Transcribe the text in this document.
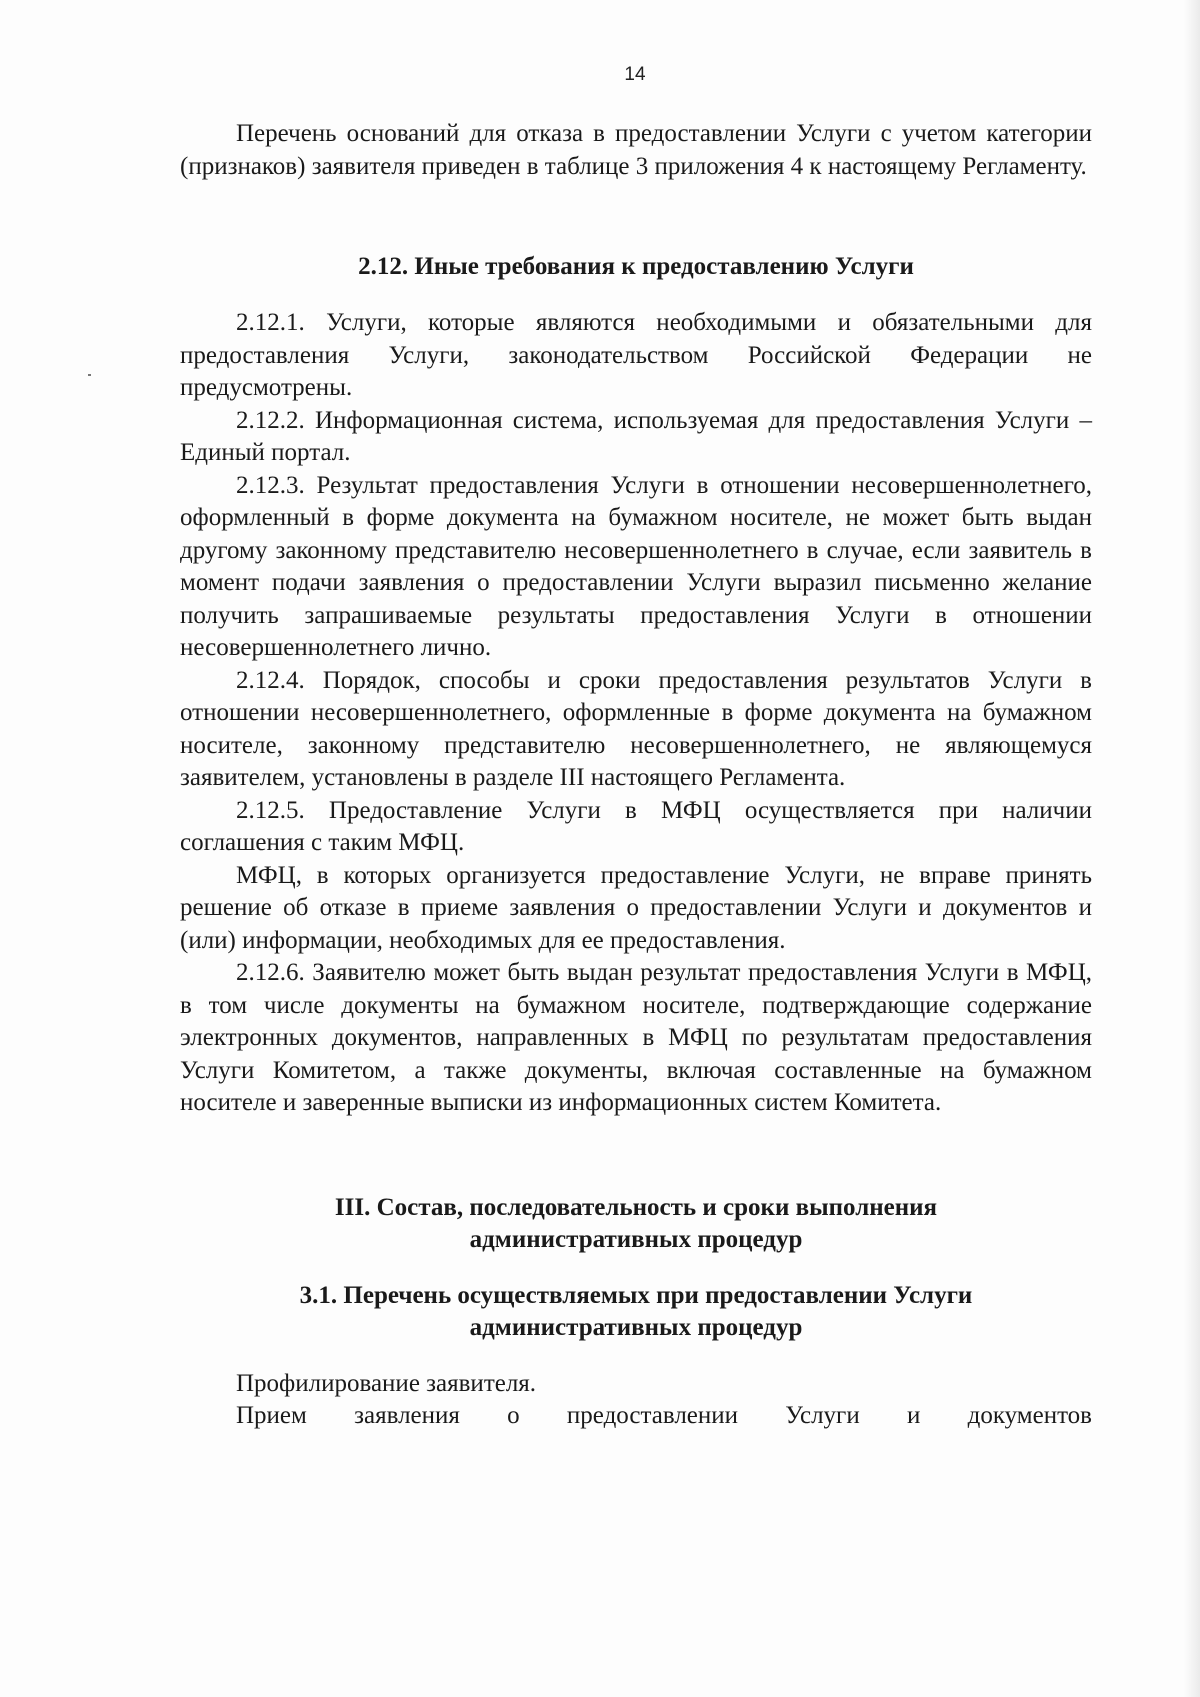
14

Перечень оснований для отказа в предоставлении Услуги с учетом категории (признаков) заявителя приведен в таблице 3 приложения 4 к настоящему Регламенту.

2.12. Иные требования к предоставлению Услуги

2.12.1. Услуги, которые являются необходимыми и обязательными для предоставления Услуги, законодательством Российской Федерации не предусмотрены.

2.12.2. Информационная система, используемая для предоставления Услуги – Единый портал.

2.12.3. Результат предоставления Услуги в отношении несовершеннолетнего, оформленный в форме документа на бумажном носителе, не может быть выдан другому законному представителю несовершеннолетнего в случае, если заявитель в момент подачи заявления о предоставлении Услуги выразил письменно желание получить запрашиваемые результаты предоставления Услуги в отношении несовершеннолетнего лично.

2.12.4. Порядок, способы и сроки предоставления результатов Услуги в отношении несовершеннолетнего, оформленные в форме документа на бумажном носителе, законному представителю несовершеннолетнего, не являющемуся заявителем, установлены в разделе III настоящего Регламента.

2.12.5. Предоставление Услуги в МФЦ осуществляется при наличии соглашения с таким МФЦ.

МФЦ, в которых организуется предоставление Услуги, не вправе принять решение об отказе в приеме заявления о предоставлении Услуги и документов и (или) информации, необходимых для ее предоставления.

2.12.6. Заявителю может быть выдан результат предоставления Услуги в МФЦ, в том числе документы на бумажном носителе, подтверждающие содержание электронных документов, направленных в МФЦ по результатам предоставления Услуги Комитетом, а также документы, включая составленные на бумажном носителе и заверенные выписки из информационных систем Комитета.

III. Состав, последовательность и сроки выполнения
административных процедур
3.1. Перечень осуществляемых при предоставлении Услуги
административных процедур

Профилирование заявителя.

Прием заявления о предоставлении Услуги и документов
